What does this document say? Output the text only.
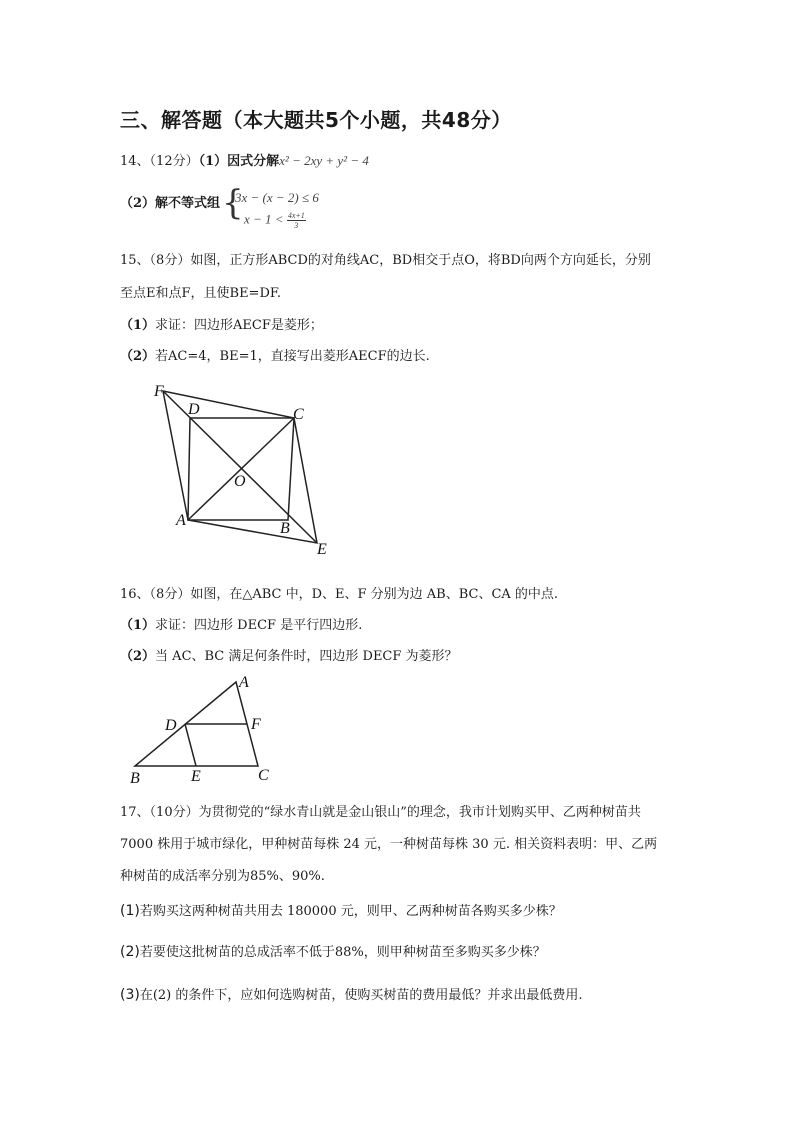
三、解答题（本大题共5个小题，共48分）
14、（12分）（1）因式分解x² − 2xy + y² − 4
（2）解不等式组 {
3x − (x − 2) ≤ 6
$x - 1 < \frac{4x+1}{3}$
15、（8分）如图，正方形ABCD的对角线AC，BD相交于点O，将BD向两个方向延长，分别
至点E和点F，且使BE=DF.
（1）求证：四边形AECF是菱形；
（2）若AC=4，BE=1，直接写出菱形AECF的边长.
F
D	C
O
A	B
E
16、（8分）如图，在△ABC 中，D、E、F 分别为边 AB、BC、CA 的中点.
（1）求证：四边形 DECF 是平行四边形.
（2）当 AC、BC 满足何条件时，四边形 DECF 为菱形？
A
D	F
B	E	C
17、（10分）为贯彻党的“绿水青山就是金山银山”的理念，我市计划购买甲、乙两种树苗共
7000 株用于城市绿化，甲种树苗每株 24 元，一种树苗每株 30 元. 相关资料表明：甲、乙两
种树苗的成活率分别为85%、90%.
(1)若购买这两种树苗共用去 180000 元，则甲、乙两种树苗各购买多少株？
(2)若要使这批树苗的总成活率不低于88%，则甲种树苗至多购买多少株？
(3)在(2) 的条件下，应如何选购树苗，使购买树苗的费用最低？并求出最低费用.
